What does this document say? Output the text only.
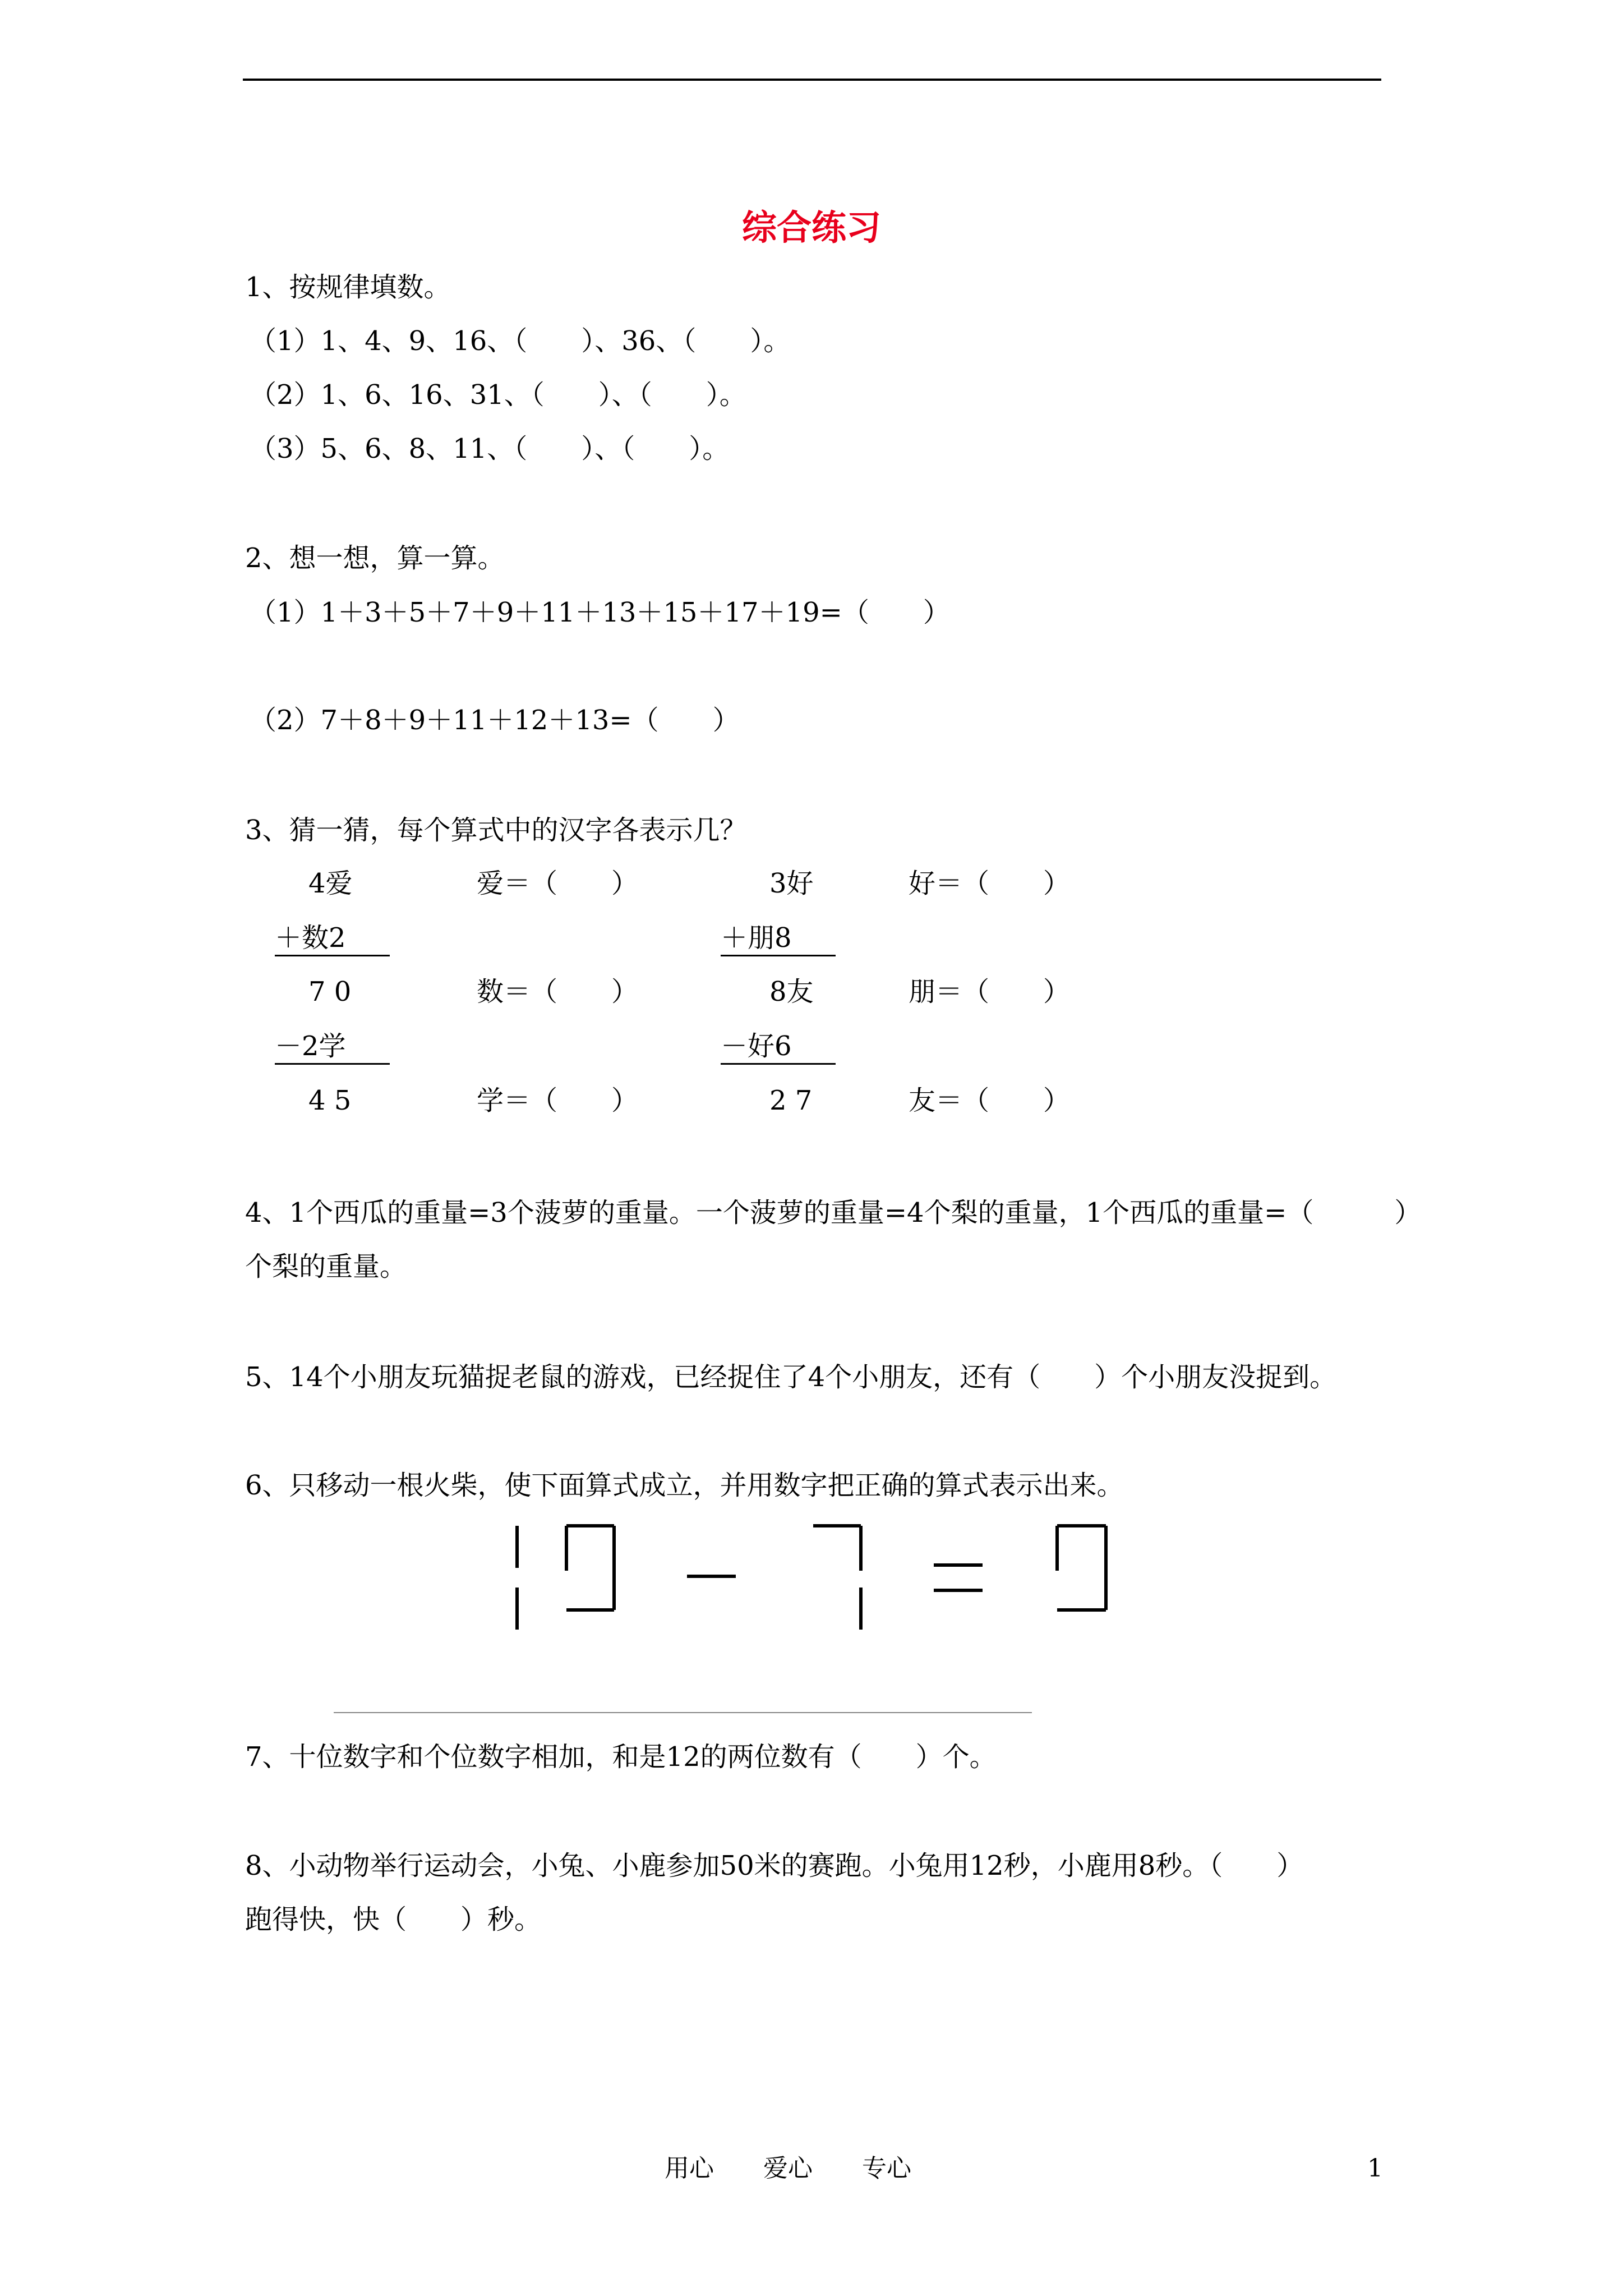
综合练习
1、按规律填数。
（1）1、4、9、16、（　　）、36、（　　）。
（2）1、6、16、31、（　　）、（　　）。
（3）5、6、8、11、（　　）、（　　）。
2、想一想，算一算。
（1）1＋3＋5＋7＋9＋11＋13＋15＋17＋19=（　　）
（2）7＋8＋9＋11＋12＋13=（　　）
3、猜一猜，每个算式中的汉字各表示几？
4爱
＋数2
7 0
－2学
4 5
爱＝（　　）
数＝（　　）
学＝（　　）
3好
＋朋8
8友
－好6
2 7
好＝（　　）
朋＝（　　）
友＝（　　）
4、1个西瓜的重量=3个菠萝的重量。一个菠萝的重量=4个梨的重量，1个西瓜的重量=（　　　）
个梨的重量。
5、14个小朋友玩猫捉老鼠的游戏，已经捉住了4个小朋友，还有（　　）个小朋友没捉到。
6、只移动一根火柴，使下面算式成立，并用数字把正确的算式表示出来。
7、十位数字和个位数字相加，和是12的两位数有（　　）个。
8、小动物举行运动会，小兔、小鹿参加50米的赛跑。小兔用12秒，小鹿用8秒。（　　）
跑得快，快（　　）秒。
用心　　爱心　　专心	1
